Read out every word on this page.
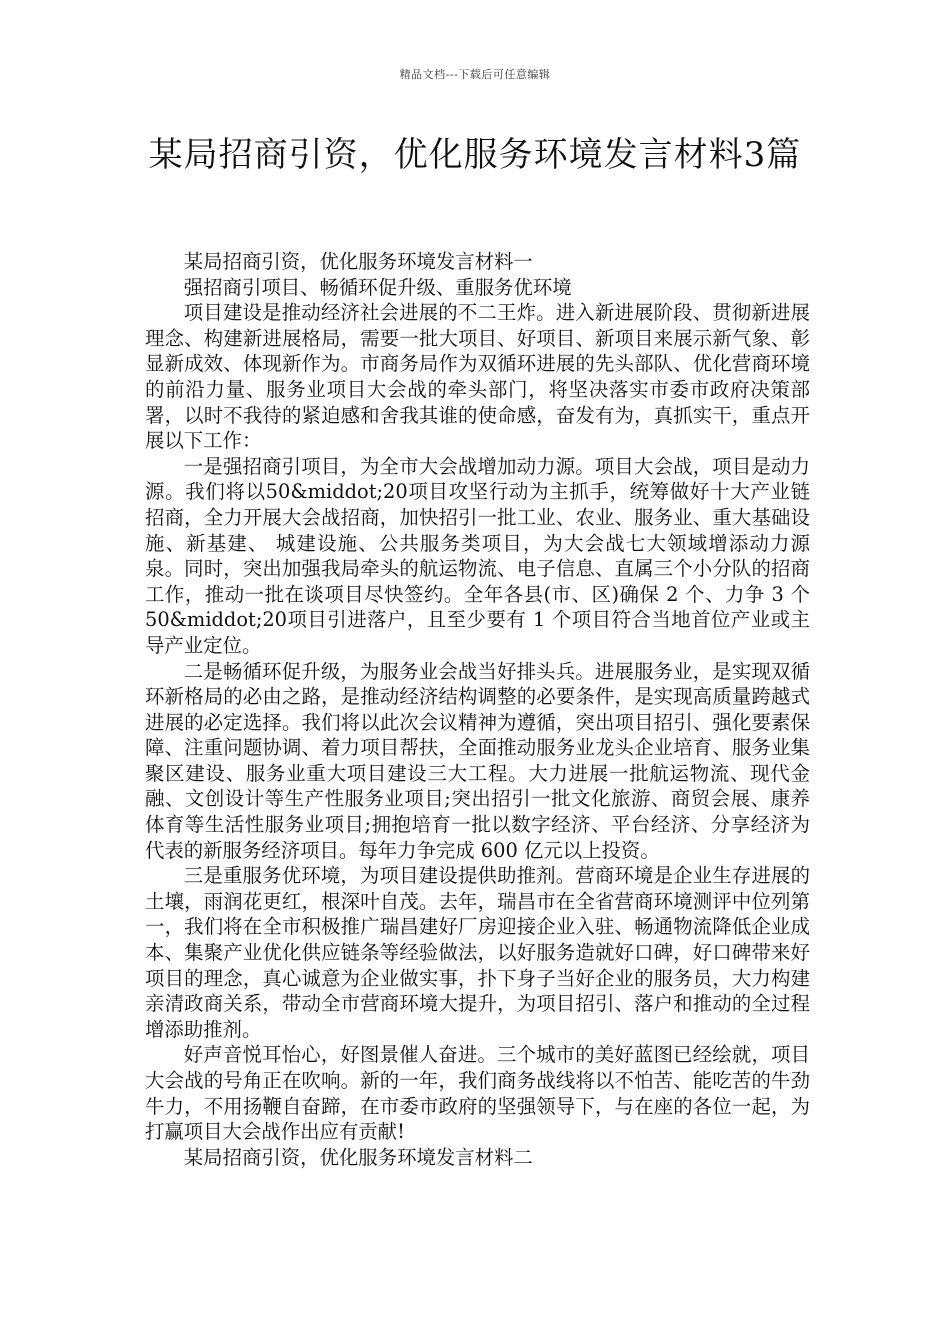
精品文档---下载后可任意编辑
某局招商引资，优化服务环境发言材料3篇

某局招商引资，优化服务环境发言材料一

强招商引项目、畅循环促升级、重服务优环境

项目建设是推动经济社会进展的不二王炸。进入新进展阶段、贯彻新进展理念、构建新进展格局，需要一批大项目、好项目、新项目来展示新气象、彰显新成效、体现新作为。市商务局作为双循环进展的先头部队、优化营商环境的前沿力量、服务业项目大会战的牵头部门，将坚决落实市委市政府决策部署，以时不我待的紧迫感和舍我其谁的使命感，奋发有为，真抓实干，重点开展以下工作：

一是强招商引项目，为全市大会战增加动力源。项目大会战，项目是动力源。我们将以50&middot;20项目攻坚行动为主抓手，统筹做好十大产业链招商，全力开展大会战招商，加快招引一批工业、农业、服务业、重大基础设施、新基建、 城建设施、公共服务类项目，为大会战七大领域增添动力源泉。同时，突出加强我局牵头的航运物流、电子信息、直属三个小分队的招商工作，推动一批在谈项目尽快签约。全年各县(市、区)确保 2 个、力争 3 个50&middot;20项目引进落户，且至少要有 1 个项目符合当地首位产业或主导产业定位。

二是畅循环促升级，为服务业会战当好排头兵。进展服务业，是实现双循环新格局的必由之路，是推动经济结构调整的必要条件，是实现高质量跨越式进展的必定选择。我们将以此次会议精神为遵循，突出项目招引、强化要素保障、注重问题协调、着力项目帮扶，全面推动服务业龙头企业培育、服务业集聚区建设、服务业重大项目建设三大工程。大力进展一批航运物流、现代金融、文创设计等生产性服务业项目;突出招引一批文化旅游、商贸会展、康养体育等生活性服务业项目;拥抱培育一批以数字经济、平台经济、分享经济为代表的新服务经济项目。每年力争完成 600 亿元以上投资。

三是重服务优环境，为项目建设提供助推剂。营商环境是企业生存进展的土壤，雨润花更红，根深叶自茂。去年，瑞昌市在全省营商环境测评中位列第一，我们将在全市积极推广瑞昌建好厂房迎接企业入驻、畅通物流降低企业成本、集聚产业优化供应链条等经验做法，以好服务造就好口碑，好口碑带来好项目的理念，真心诚意为企业做实事，扑下身子当好企业的服务员，大力构建亲清政商关系，带动全市营商环境大提升，为项目招引、落户和推动的全过程增添助推剂。

好声音悦耳怡心，好图景催人奋进。三个城市的美好蓝图已经绘就，项目大会战的号角正在吹响。新的一年，我们商务战线将以不怕苦、能吃苦的牛劲牛力，不用扬鞭自奋蹄，在市委市政府的坚强领导下，与在座的各位一起，为打赢项目大会战作出应有贡献!

某局招商引资，优化服务环境发言材料二
